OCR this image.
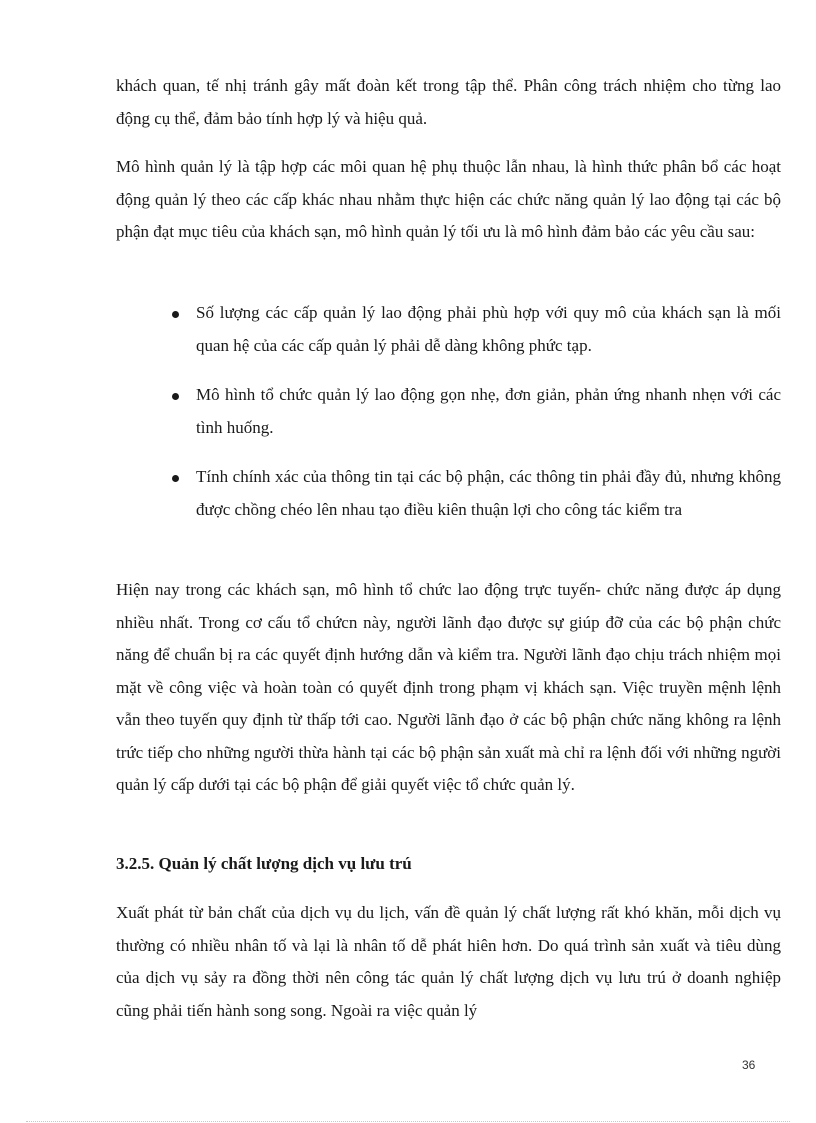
khách quan, tế nhị tránh gây mất đoàn kết trong tập thể. Phân công trách nhiệm cho từng lao động cụ thể, đảm bảo tính hợp lý và hiệu quả.

Mô hình quản lý là tập hợp các môi quan hệ phụ thuộc lẫn nhau, là hình thức phân bổ các hoạt động quản lý theo các cấp khác nhau nhằm thực hiện các chức năng quản lý lao động tại các bộ phận đạt mục tiêu của khách sạn, mô hình quản lý tối ưu là mô hình đảm bảo các yêu cầu sau:

Số lượng các cấp quản lý lao động phải phù hợp với quy mô của khách sạn là mối quan hệ của các cấp quản lý phải dễ dàng không phức tạp.
Mô hình tổ chức quản lý lao động gọn nhẹ, đơn giản, phản ứng nhanh nhẹn với các tình huống.
Tính chính xác của thông tin tại các bộ phận, các thông tin phải đầy đủ, nhưng không được chồng chéo lên nhau tạo điều kiên thuận lợi cho công tác kiểm tra

Hiện nay trong các khách sạn, mô hình tổ chức lao động trực tuyến- chức năng được áp dụng nhiều nhất. Trong cơ cấu tổ chứcn này, người lãnh đạo được sự giúp đỡ của các bộ phận chức năng để chuẩn bị ra các quyết định hướng dẫn và kiểm tra. Người lãnh đạo chịu trách nhiệm mọi mặt về công việc và hoàn toàn có quyết định trong phạm vị khách sạn. Việc truyền mệnh lệnh vẫn theo tuyến quy định từ thấp tới cao. Người lãnh đạo ở các bộ phận chức năng không ra lệnh trức tiếp cho những người thừa hành tại các bộ phận sản xuất mà chỉ ra lệnh đối với những người quản lý cấp dưới tại các bộ phận để giải quyết việc tổ chức quản lý.

3.2.5. Quản lý chất lượng dịch vụ lưu trú

Xuất phát từ bản chất của dịch vụ du lịch, vấn đề quản lý chất lượng rất khó khăn, mỗi dịch vụ thường có nhiều nhân tố và lại là nhân tố dễ phát hiên hơn. Do quá trình sản xuất và tiêu dùng của dịch vụ sảy ra đồng thời nên công tác quản lý chất lượng dịch vụ lưu trú ở doanh nghiệp cũng phải tiến hành song song. Ngoài ra việc quản lý

36
